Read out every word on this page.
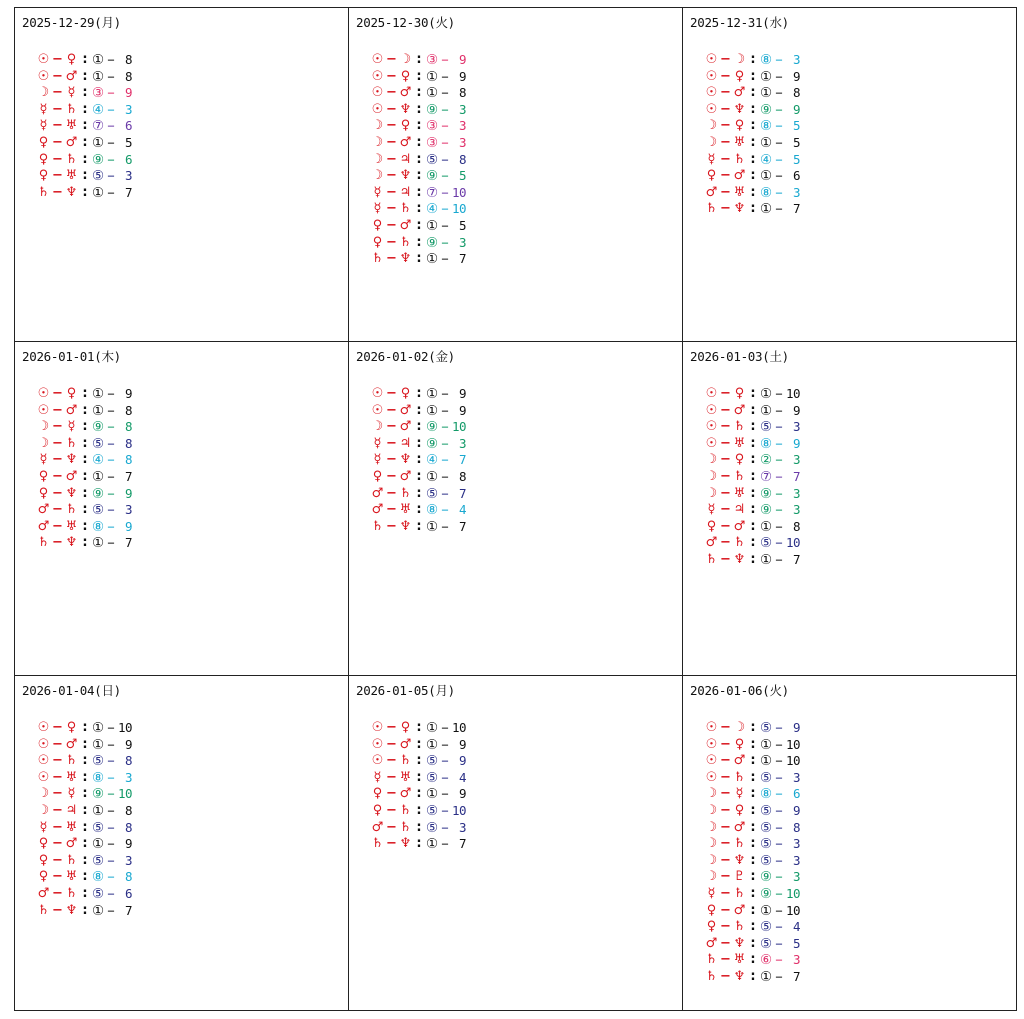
2025-12-29(月)
☉ − ♀ : ① − 8
☉ − ♂ : ① − 8
☽ − ☿ : ③ − 9
☿ − ♄ : ④ − 3
☿ − ♅ : ⑦ − 6
♀ − ♂ : ① − 5
♀ − ♄ : ⑨ − 6
♀ − ♅ : ⑤ − 3
♄ − ♆ : ① − 7
2025-12-30(火)
☉ − ☽ : ③ − 9
☉ − ♀ : ① − 9
☉ − ♂ : ① − 8
☉ − ♆ : ⑨ − 3
☽ − ♀ : ③ − 3
☽ − ♂ : ③ − 3
☽ − ♃ : ⑤ − 8
☽ − ♆ : ⑨ − 5
☿ − ♃ : ⑦ − 10
☿ − ♄ : ④ − 10
♀ − ♂ : ① − 5
♀ − ♄ : ⑨ − 3
♄ − ♆ : ① − 7
2025-12-31(水)
☉ − ☽ : ⑧ − 3
☉ − ♀ : ① − 9
☉ − ♂ : ① − 8
☉ − ♆ : ⑨ − 9
☽ − ♀ : ⑧ − 5
☽ − ♅ : ① − 5
☿ − ♄ : ④ − 5
♀ − ♂ : ① − 6
♂ − ♅ : ⑧ − 3
♄ − ♆ : ① − 7
2026-01-01(木)
☉ − ♀ : ① − 9
☉ − ♂ : ① − 8
☽ − ☿ : ⑨ − 8
☽ − ♄ : ⑤ − 8
☿ − ♆ : ④ − 8
♀ − ♂ : ① − 7
♀ − ♆ : ⑨ − 9
♂ − ♄ : ⑤ − 3
♂ − ♅ : ⑧ − 9
♄ − ♆ : ① − 7
2026-01-02(金)
☉ − ♀ : ① − 9
☉ − ♂ : ① − 9
☽ − ♂ : ⑨ − 10
☿ − ♃ : ⑨ − 3
☿ − ♆ : ④ − 7
♀ − ♂ : ① − 8
♂ − ♄ : ⑤ − 7
♂ − ♅ : ⑧ − 4
♄ − ♆ : ① − 7
2026-01-03(土)
☉ − ♀ : ① − 10
☉ − ♂ : ① − 9
☉ − ♄ : ⑤ − 3
☉ − ♅ : ⑧ − 9
☽ − ♀ : ② − 3
☽ − ♄ : ⑦ − 7
☽ − ♅ : ⑨ − 3
☿ − ♃ : ⑨ − 3
♀ − ♂ : ① − 8
♂ − ♄ : ⑤ − 10
♄ − ♆ : ① − 7
2026-01-04(日)
☉ − ♀ : ① − 10
☉ − ♂ : ① − 9
☉ − ♄ : ⑤ − 8
☉ − ♅ : ⑧ − 3
☽ − ☿ : ⑨ − 10
☽ − ♃ : ① − 8
☿ − ♅ : ⑤ − 8
♀ − ♂ : ① − 9
♀ − ♄ : ⑤ − 3
♀ − ♅ : ⑧ − 8
♂ − ♄ : ⑤ − 6
♄ − ♆ : ① − 7
2026-01-05(月)
☉ − ♀ : ① − 10
☉ − ♂ : ① − 9
☉ − ♄ : ⑤ − 9
☿ − ♅ : ⑤ − 4
♀ − ♂ : ① − 9
♀ − ♄ : ⑤ − 10
♂ − ♄ : ⑤ − 3
♄ − ♆ : ① − 7
2026-01-06(火)
☉ − ☽ : ⑤ − 9
☉ − ♀ : ① − 10
☉ − ♂ : ① − 10
☉ − ♄ : ⑤ − 3
☽ − ☿ : ⑧ − 6
☽ − ♀ : ⑤ − 9
☽ − ♂ : ⑤ − 8
☽ − ♄ : ⑤ − 3
☽ − ♆ : ⑤ − 3
☽ − ♇ : ⑨ − 3
☿ − ♄ : ⑨ − 10
♀ − ♂ : ① − 10
♀ − ♄ : ⑤ − 4
♂ − ♆ : ⑤ − 5
♄ − ♅ : ⑥ − 3
♄ − ♆ : ① − 7
